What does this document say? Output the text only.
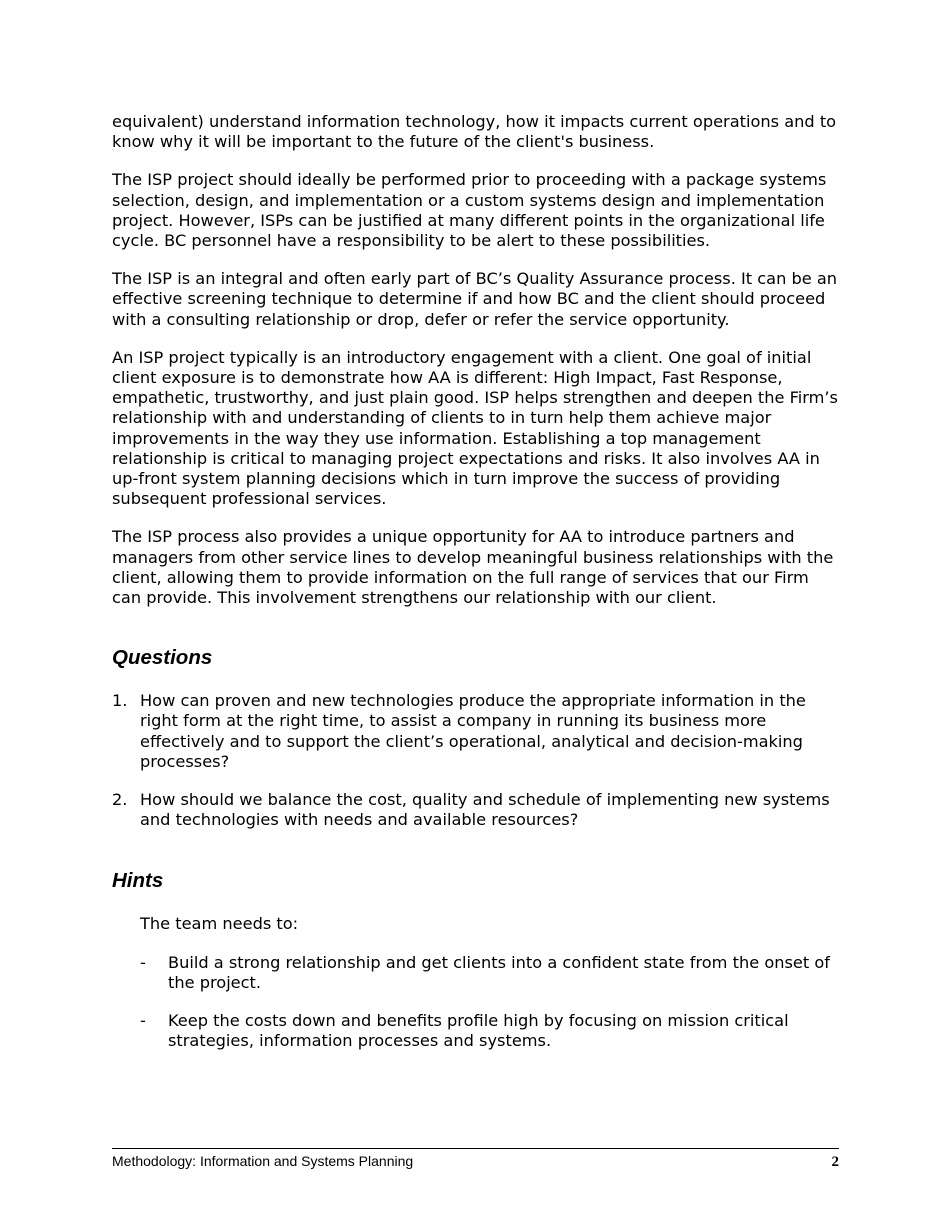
equivalent) understand information technology, how it impacts current operations and to know why it will be important to the future of the client's business.

The ISP project should ideally be performed prior to proceeding with a package systems selection, design, and implementation or a custom systems design and implementation project. However, ISPs can be justified at many different points in the organizational life cycle. BC personnel have a responsibility to be alert to these possibilities.

The ISP is an integral and often early part of BC’s Quality Assurance process. It can be an effective screening technique to determine if and how BC and the client should proceed with a consulting relationship or drop, defer or refer the service opportunity.

An ISP project typically is an introductory engagement with a client. One goal of initial client exposure is to demonstrate how AA is different: High Impact, Fast Response, empathetic, trustworthy, and just plain good. ISP helps strengthen and deepen the Firm’s relationship with and understanding of clients to in turn help them achieve major improvements in the way they use information. Establishing a top management relationship is critical to managing project expectations and risks. It also involves AA in up-front system planning decisions which in turn improve the success of providing subsequent professional services.

The ISP process also provides a unique opportunity for AA to introduce partners and managers from other service lines to develop meaningful business relationships with the client, allowing them to provide information on the full range of services that our Firm can provide. This involvement strengthens our relationship with our client.

Questions
1. How can proven and new technologies produce the appropriate information in the right form at the right time, to assist a company in running its business more effectively and to support the client’s operational, analytical and decision-making processes?
2. How should we balance the cost, quality and schedule of implementing new systems and technologies with needs and available resources?
Hints

The team needs to:

- Build a strong relationship and get clients into a confident state from the onset of the project.
- Keep the costs down and benefits profile high by focusing on mission critical strategies, information processes and systems.
Methodology: Information and Systems Planning	2
